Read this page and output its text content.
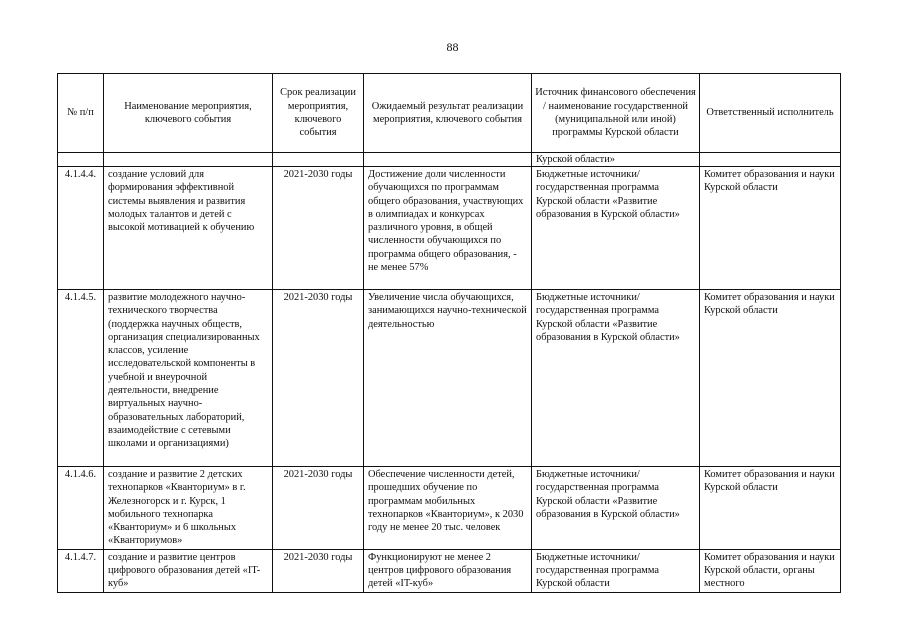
88
№ п/п	Наименование мероприятия, ключевого события	Срок реализации мероприятия, ключевого события	Ожидаемый результат реализации мероприятия, ключевого события	Источник финансового обеспечения / наименование государственной (муниципальной или иной) программы Курской области	Ответственный исполнитель
				Курской области»	
4.1.4.4.	создание условий для формирования эффективной системы выявления и развития молодых талантов и детей с высокой мотивацией к обучению	2021-2030 годы	Достижение доли численности обучающихся по программам общего образования, участвующих в олимпиадах и конкурсах различного уровня, в общей численности обучающихся по программа общего образования, - не менее 57%	Бюджетные источники/государственная программа Курской области «Развитие образования в Курской области»	Комитет образования и науки Курской области
4.1.4.5.	развитие молодежного научно-технического творчества (поддержка научных обществ, организация специализированных классов, усиление исследовательской компоненты в учебной и внеурочной деятельности, внедрение виртуальных научно-образовательных лабораторий, взаимодействие с сетевыми школами и организациями)	2021-2030 годы	Увеличение числа обучающихся, занимающихся научно-технической деятельностью	Бюджетные источники/государственная программа Курской области «Развитие образования в Курской области»	Комитет образования и науки Курской области
4.1.4.6.	создание и развитие 2 детских технопарков «Кванториум» в г. Железногорск и г. Курск, 1 мобильного технопарка «Кванториум» и 6 школьных «Кванториумов»	2021-2030 годы	Обеспечение численности детей, прошедших обучение по программам мобильных технопарков «Кванториум», к 2030 году не менее 20 тыс. человек	Бюджетные источники/государственная программа Курской области «Развитие образования в Курской области»	Комитет образования и науки Курской области
4.1.4.7.	создание и развитие центров цифрового образования детей «IT-куб»	2021-2030 годы	Функционируют не менее 2 центров цифрового образования детей «IT-куб»	Бюджетные источники/государственная программа Курской области	Комитет образования и науки Курской области, органы местного
